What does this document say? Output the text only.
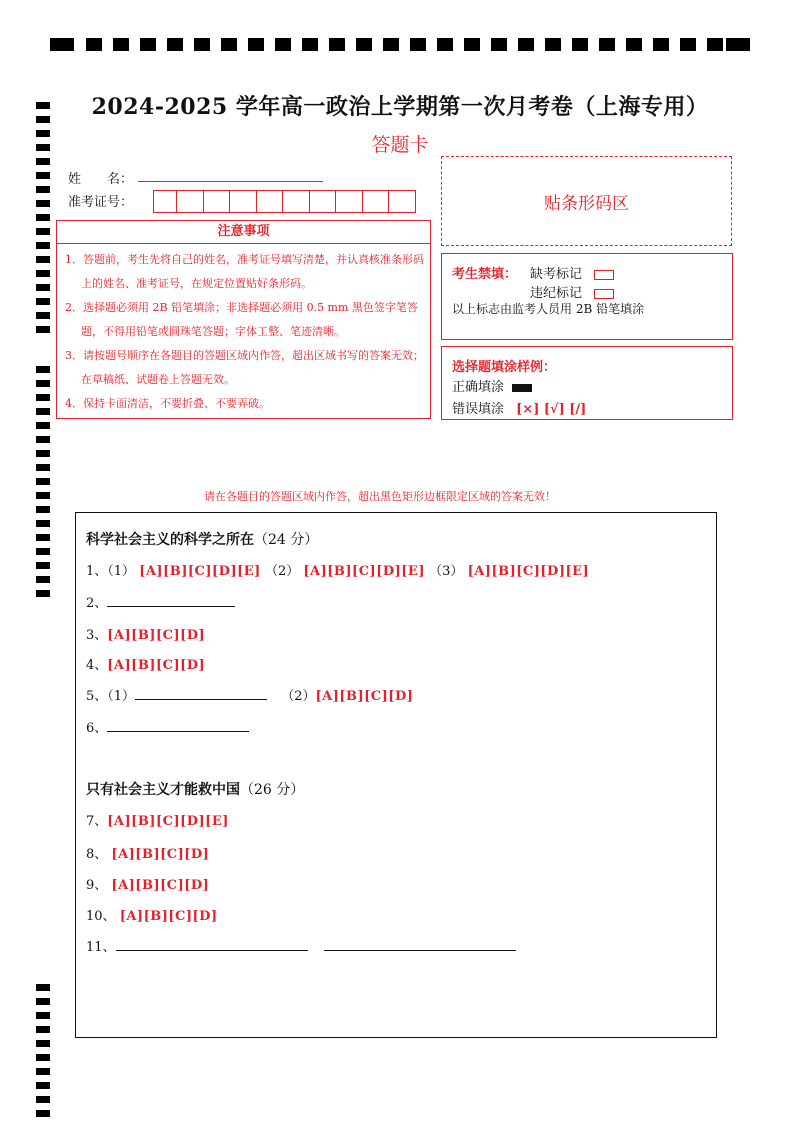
2024-2025 学年高一政治上学期第一次月考卷（上海专用）
答题卡
姓　　名：
准考证号：	贴条形码区
注意事项
1．答题前，考生先将自己的姓名，准考证号填写清楚，并认真核准条形码上的姓名、准考证号，在规定位置贴好条形码。
2．选择题必须用 2B 铅笔填涂；非选择题必须用 0.5 mm 黑色签字笔答题，不得用铅笔或圆珠笔答题；字体工整、笔迹清晰。
3．请按题号顺序在各题目的答题区域内作答，超出区域书写的答案无效；在草稿纸、试题卷上答题无效。
4．保持卡面清洁，不要折叠、不要弄破。
考生禁填： 缺考标记
违纪标记
以上标志由监考人员用 2B 铅笔填涂
选择题填涂样例：
正确填涂
错误填涂 [×] [√] [/]
请在各题目的答题区域内作答，超出黑色矩形边框限定区域的答案无效！
科学社会主义的科学之所在（24 分）
1、（1） [A][B][C][D][E] （2） [A][B][C][D][E] （3） [A][B][C][D][E]
2、
3、[A][B][C][D]
4、[A][B][C][D]
5、（1）	（2）[A][B][C][D]
6、
只有社会主义才能救中国（26 分）
7、[A][B][C][D][E]
8、 [A][B][C][D]
9、 [A][B][C][D]
10、 [A][B][C][D]
11、
